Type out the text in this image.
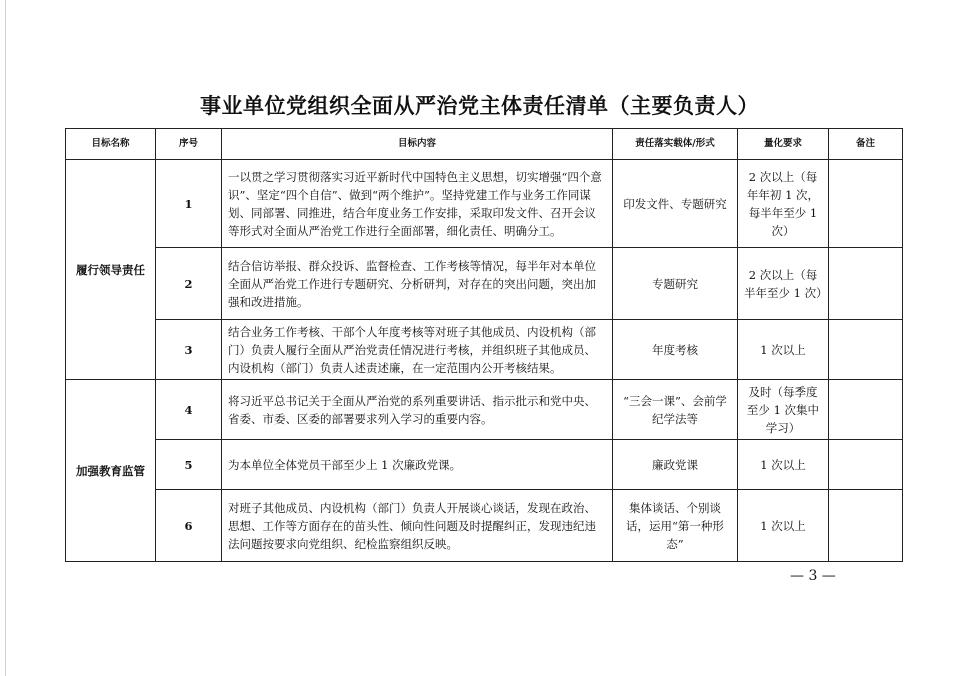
事业单位党组织全面从严治党主体责任清单（主要负责人）
目标名称	序号	目标内容	责任落实载体/形式	量化要求	备注
履行领导责任	1	一以贯之学习贯彻落实习近平新时代中国特色主义思想，切实增强“四个意识”、坚定“四个自信”、做到“两个维护”。坚持党建工作与业务工作同谋划、同部署、同推进，结合年度业务工作安排，采取印发文件、召开会议等形式对全面从严治党工作进行全面部署，细化责任、明确分工。	印发文件、专题研究	2 次以上（每年年初 1 次，每半年至少 1 次）	
	2	结合信访举报、群众投诉、监督检查、工作考核等情况，每半年对本单位全面从严治党工作进行专题研究、分析研判，对存在的突出问题，突出加强和改进措施。	专题研究	2 次以上（每半年至少 1 次）	
	3	结合业务工作考核、干部个人年度考核等对班子其他成员、内设机构（部门）负责人履行全面从严治党责任情况进行考核，并组织班子其他成员、内设机构（部门）负责人述责述廉，在一定范围内公开考核结果。	年度考核	1 次以上	
加强教育监管	4	将习近平总书记关于全面从严治党的系列重要讲话、指示批示和党中央、省委、市委、区委的部署要求列入学习的重要内容。	“三会一课”、会前学纪学法等	及时（每季度至少 1 次集中学习）	
	5	为本单位全体党员干部至少上 1 次廉政党课。	廉政党课	1 次以上	
	6	对班子其他成员、内设机构（部门）负责人开展谈心谈话，发现在政治、思想、工作等方面存在的苗头性、倾向性问题及时提醒纠正，发现违纪违法问题按要求向党组织、纪检监察组织反映。	集体谈话、个别谈话，运用“第一种形态”	1 次以上	
— 3 —
